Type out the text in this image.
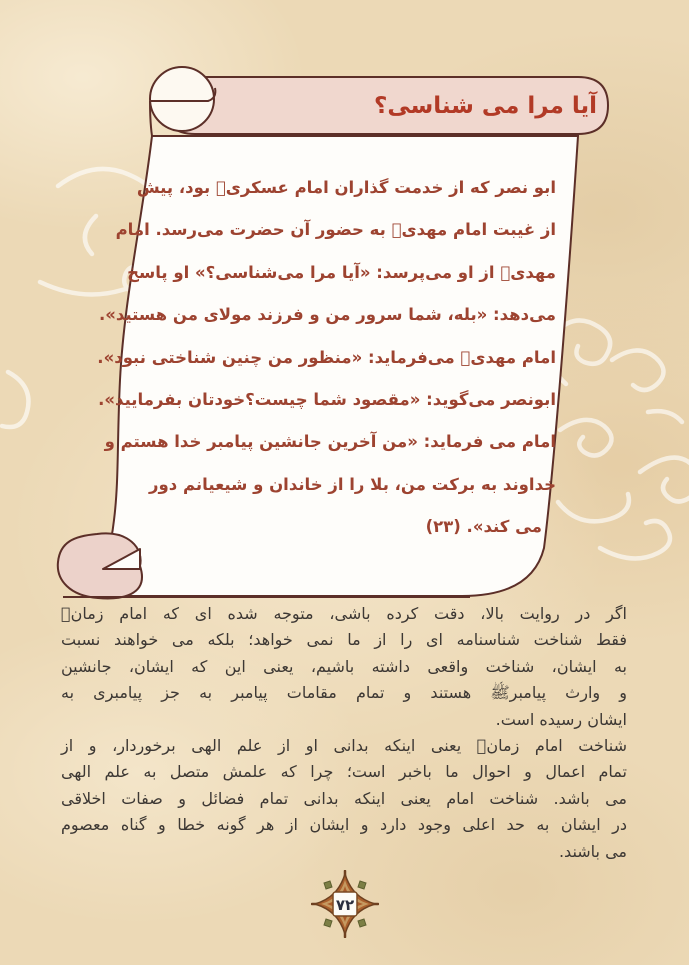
آیا مرا می شناسی؟
ابو نصر که از خدمت گذاران امام عسکریؑ بود، پیش
از غیبت امام مهدیؑ به حضور آن حضرت می‌رسد. امام
مهدیؑ از او می‌پرسد: «آیا مرا می‌شناسی؟» او پاسخ
می‌دهد: «بله، شما سرور من و فرزند مولای من هستید».
امام مهدیؑ می‌فرماید: «منظور من چنین شناختی نبود».
ابونصر می‌گوید: «مقصود شما چیست؟خودتان بفرمایید».
امام می فرماید: «من آخرین جانشین پیامبر خدا هستم و
خداوند به برکت من، بلا را از خاندان و شیعیانم دور
می کند». (۲۳)
اگر در روایت بالا، دقت کرده باشی، متوجه شده ای که امام زمانؑ
فقط شناخت شناسنامه ای را از ما نمی خواهد؛ بلکه می خواهند نسبت
به ایشان، شناخت واقعی داشته باشیم، یعنی این که ایشان، جانشین
و وارث پیامبرﷺ هستند و تمام مقامات پیامبر به جز پیامبری به
ایشان رسیده است.
شناخت امام زمانؑ یعنی اینکه بدانی او از علم الهی برخوردار، و از
تمام اعمال و احوال ما باخبر است؛ چرا که علمش متصل به علم الهی
می باشد. شناخت امام یعنی اینکه بدانی تمام فضائل و صفات اخلاقی
در ایشان به حد اعلی وجود دارد و ایشان از هر گونه خطا و گناه معصوم
می باشند.
۷۲
